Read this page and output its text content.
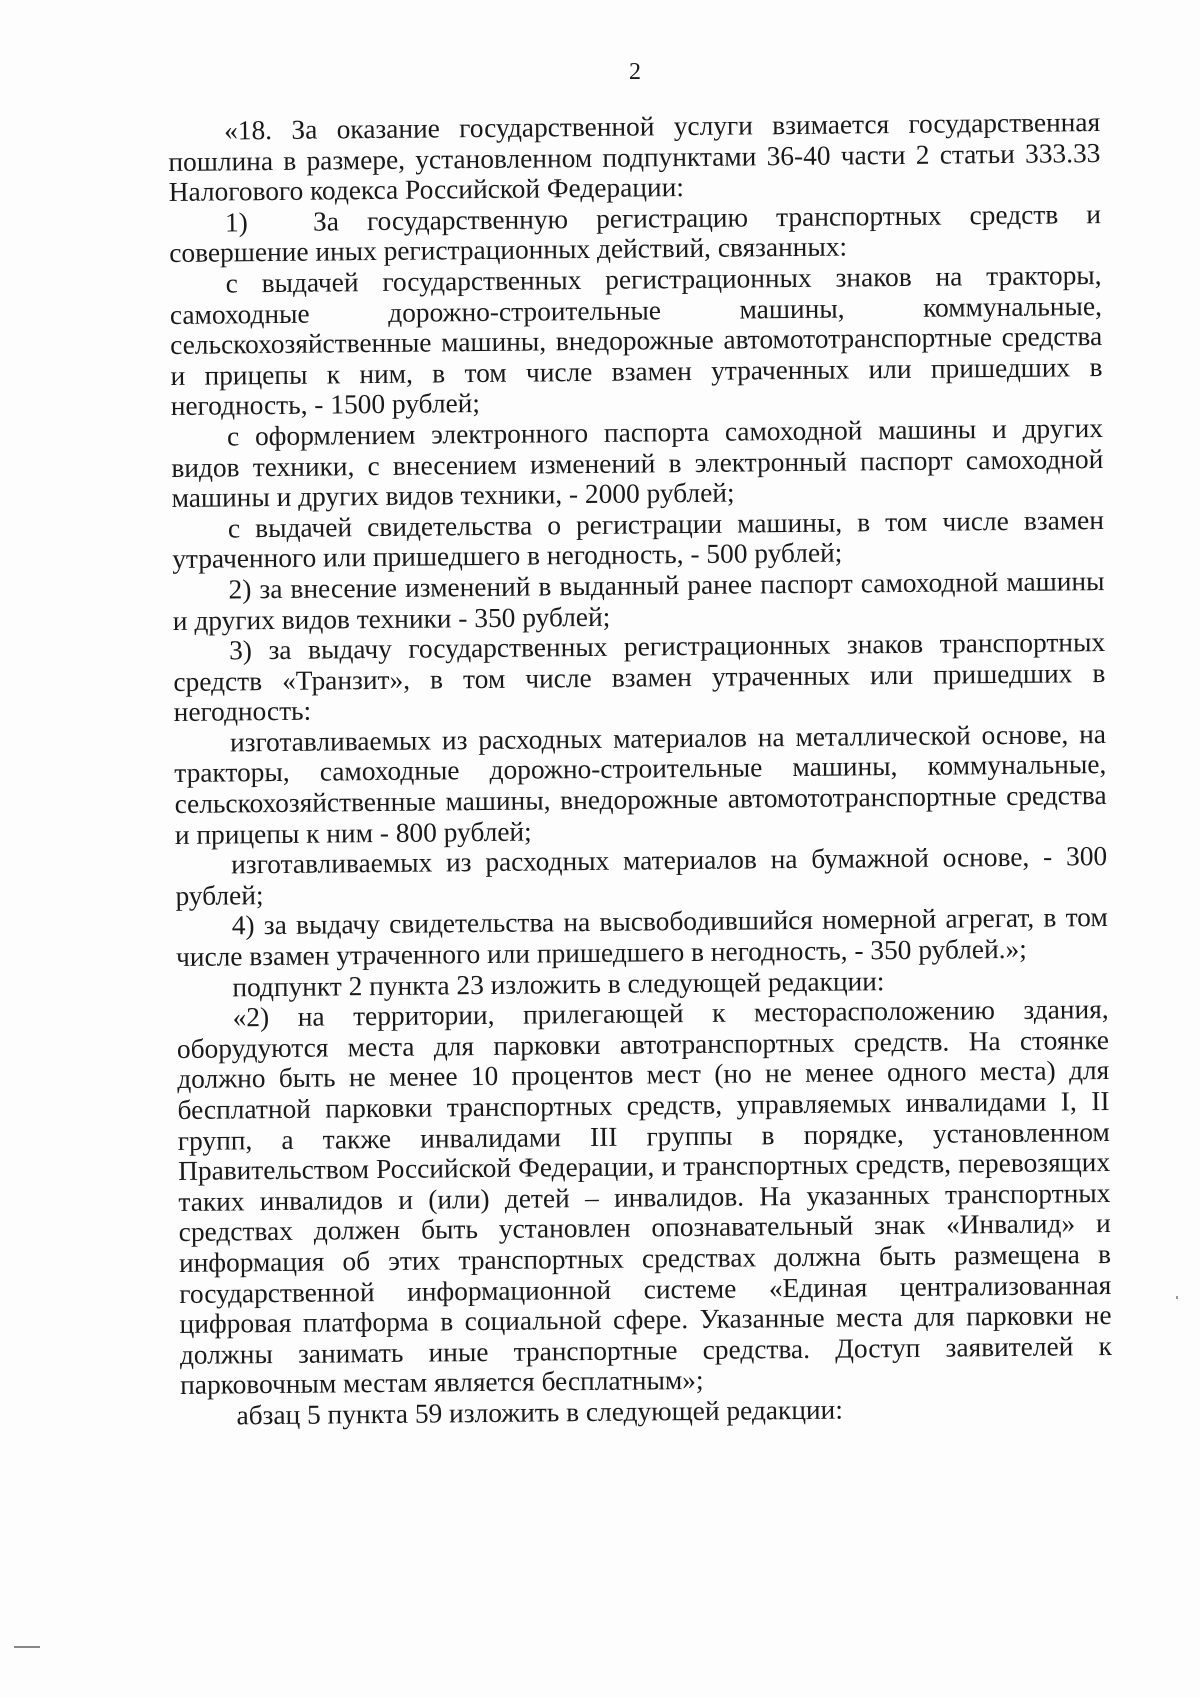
2

«18. За оказание государственной услуги взимается государственная пошлина в размере, установленном подпунктами 36-40 части 2 статьи 333.33 Налогового кодекса Российской Федерации:

1) За государственную регистрацию транспортных средств и совершение иных регистрационных действий, связанных:

с выдачей государственных регистрационных знаков на тракторы, самоходные дорожно-строительные машины, коммунальные, сельскохозяйственные машины, внедорожные автомототранспортные средства и прицепы к ним, в том числе взамен утраченных или пришедших в негодность, - 1500 рублей;

с оформлением электронного паспорта самоходной машины и других видов техники, с внесением изменений в электронный паспорт самоходной машины и других видов техники, - 2000 рублей;

с выдачей свидетельства о регистрации машины, в том числе взамен утраченного или пришедшего в негодность, - 500 рублей;

2) за внесение изменений в выданный ранее паспорт самоходной машины и других видов техники - 350 рублей;

3) за выдачу государственных регистрационных знаков транспортных средств «Транзит», в том числе взамен утраченных или пришедших в негодность:

изготавливаемых из расходных материалов на металлической основе, на тракторы, самоходные дорожно-строительные машины, коммунальные, сельскохозяйственные машины, внедорожные автомототранспортные средства и прицепы к ним - 800 рублей;

изготавливаемых из расходных материалов на бумажной основе, - 300 рублей;

4) за выдачу свидетельства на высвободившийся номерной агрегат, в том числе взамен утраченного или пришедшего в негодность, - 350 рублей.»;

подпункт 2 пункта 23 изложить в следующей редакции:

«2) на территории, прилегающей к месторасположению здания, оборудуются места для парковки автотранспортных средств. На стоянке должно быть не менее 10 процентов мест (но не менее одного места) для бесплатной парковки транспортных средств, управляемых инвалидами I, II групп, а также инвалидами III группы в порядке, установленном Правительством Российской Федерации, и транспортных средств, перевозящих таких инвалидов и (или) детей – инвалидов. На указанных транспортных средствах должен быть установлен опознавательный знак «Инвалид» и информация об этих транспортных средствах должна быть размещена в государственной информационной системе «Единая централизованная цифровая платформа в социальной сфере. Указанные места для парковки не должны занимать иные транспортные средства. Доступ заявителей к парковочным местам является бесплатным»;

абзац 5 пункта 59 изложить в следующей редакции:
